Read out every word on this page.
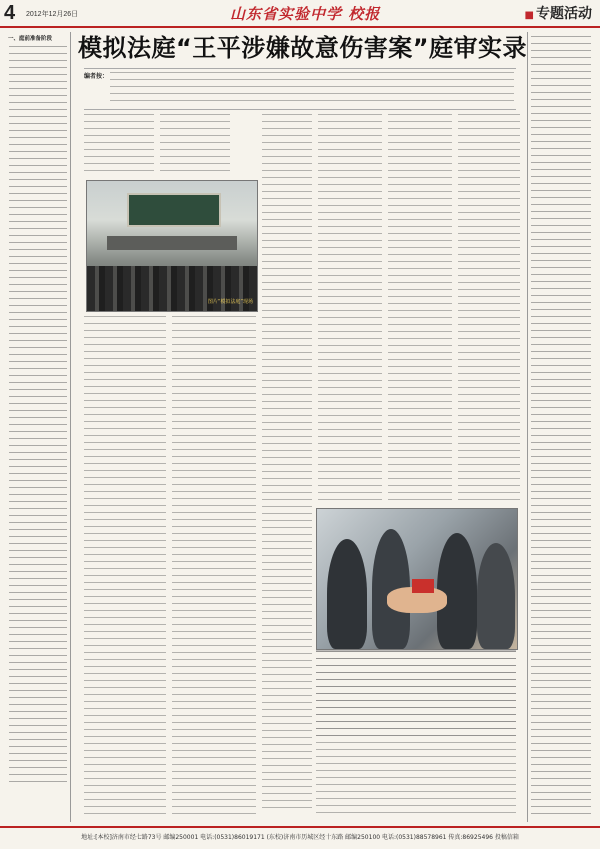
4 2012年12月26日	山东省实验中学 校报	■ 专题活动
一、庭前准备阶段	模拟法庭“王平涉嫌故意伤害案”庭审实录
编者按：
图片“模拟法庭”现场
地址:[本校]济南市经七路73号 邮编250001 电话:(0531)86019171 (东校)济南市历城区经十东路 邮编250100 电话:(0531)88578961 传真:86925496 投稿信箱
